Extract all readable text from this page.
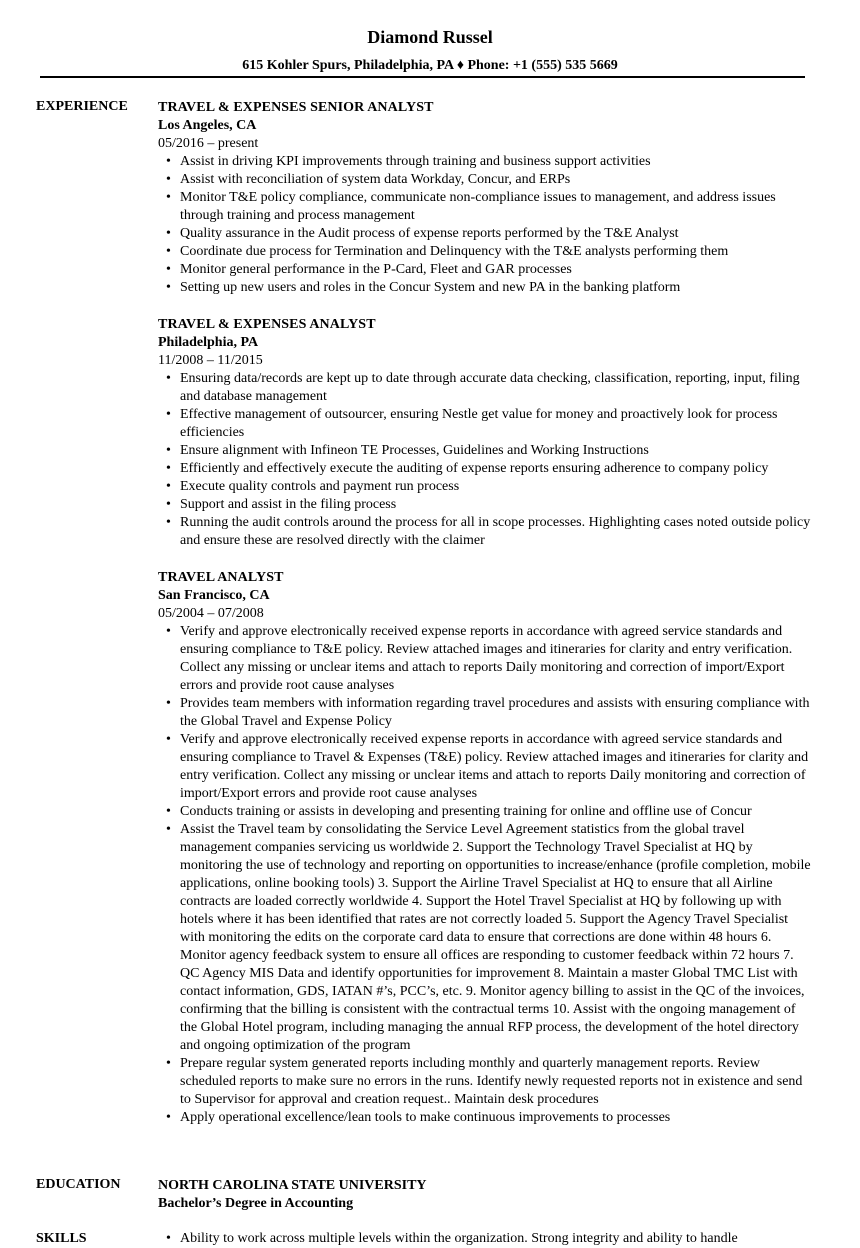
Diamond Russel
615 Kohler Spurs, Philadelphia, PA ♦ Phone: +1 (555) 535 5669
EXPERIENCE TRAVEL & EXPENSES SENIOR ANALYST
Los Angeles, CA
05/2016 – present
• Assist in driving KPI improvements through training and business support activities
• Assist with reconciliation of system data Workday, Concur, and ERPs
• Monitor T&E policy compliance, communicate non-compliance issues to management, and address issues through training and process management
• Quality assurance in the Audit process of expense reports performed by the T&E Analyst
• Coordinate due process for Termination and Delinquency with the T&E analysts performing them
• Monitor general performance in the P-Card, Fleet and GAR processes
• Setting up new users and roles in the Concur System and new PA in the banking platform
TRAVEL & EXPENSES ANALYST
Philadelphia, PA
11/2008 – 11/2015
• Ensuring data/records are kept up to date through accurate data checking, classification, reporting, input, filing and database management
• Effective management of outsourcer, ensuring Nestle get value for money and proactively look for process efficiencies
• Ensure alignment with Infineon TE Processes, Guidelines and Working Instructions
• Efficiently and effectively execute the auditing of expense reports ensuring adherence to company policy
• Execute quality controls and payment run process
• Support and assist in the filing process
• Running the audit controls around the process for all in scope processes. Highlighting cases noted outside policy and ensure these are resolved directly with the claimer
TRAVEL ANALYST
San Francisco, CA
05/2004 – 07/2008
• Verify and approve electronically received expense reports in accordance with agreed service standards and ensuring compliance to T&E policy. Review attached images and itineraries for clarity and entry verification. Collect any missing or unclear items and attach to reports Daily monitoring and correction of import/Export errors and provide root cause analyses
• Provides team members with information regarding travel procedures and assists with ensuring compliance with the Global Travel and Expense Policy
• Verify and approve electronically received expense reports in accordance with agreed service standards and ensuring compliance to Travel & Expenses (T&E) policy. Review attached images and itineraries for clarity and entry verification. Collect any missing or unclear items and attach to reports Daily monitoring and correction of import/Export errors and provide root cause analyses
• Conducts training or assists in developing and presenting training for online and offline use of Concur
• Assist the Travel team by consolidating the Service Level Agreement statistics from the global travel management companies servicing us worldwide 2. Support the Technology Travel Specialist at HQ by monitoring the use of technology and reporting on opportunities to increase/enhance (profile completion, mobile applications, online booking tools) 3. Support the Airline Travel Specialist at HQ to ensure that all Airline contracts are loaded correctly worldwide 4. Support the Hotel Travel Specialist at HQ by following up with hotels where it has been identified that rates are not correctly loaded 5. Support the Agency Travel Specialist with monitoring the edits on the corporate card data to ensure that corrections are done within 48 hours 6. Monitor agency feedback system to ensure all offices are responding to customer feedback within 72 hours 7. QC Agency MIS Data and identify opportunities for improvement 8. Maintain a master Global TMC List with contact information, GDS, IATAN #’s, PCC’s, etc. 9. Monitor agency billing to assist in the QC of the invoices, confirming that the billing is consistent with the contractual terms 10. Assist with the ongoing management of the Global Hotel program, including managing the annual RFP process, the development of the hotel directory and ongoing optimization of the program
• Prepare regular system generated reports including monthly and quarterly management reports. Review scheduled reports to make sure no errors in the runs. Identify newly requested reports not in existence and send to Supervisor for approval and creation request.. Maintain desk procedures
• Apply operational excellence/lean tools to make continuous improvements to processes
EDUCATION	NORTH CAROLINA STATE UNIVERSITY
Bachelor’s Degree in Accounting
SKILLS
•	Ability to work across multiple levels within the organization. Strong integrity and ability to handle
